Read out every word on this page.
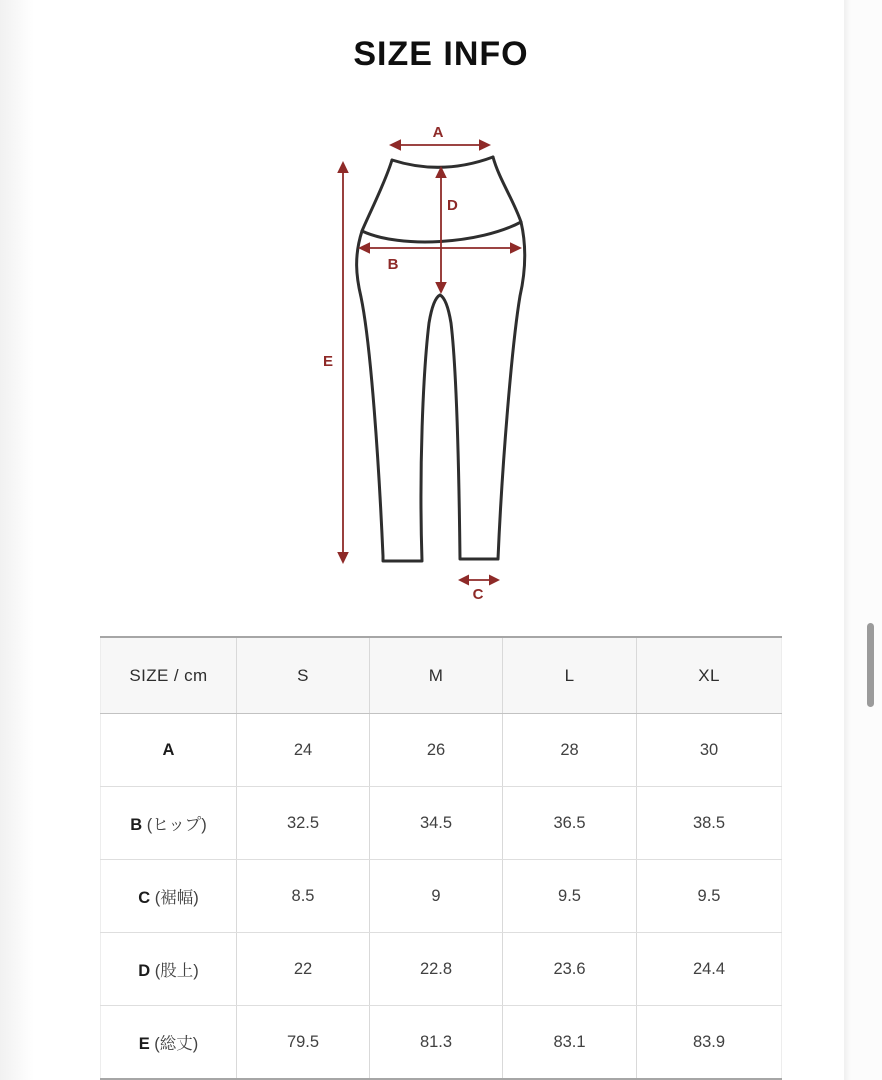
SIZE INFO
A
D
B
E
C
SIZE / cm	S	M	L	XL
A	24	26	28	30
B (ヒップ)	32.5	34.5	36.5	38.5
C (裾幅)	8.5	9	9.5	9.5
D (股上)	22	22.8	23.6	24.4
E (総丈)	79.5	81.3	83.1	83.9
